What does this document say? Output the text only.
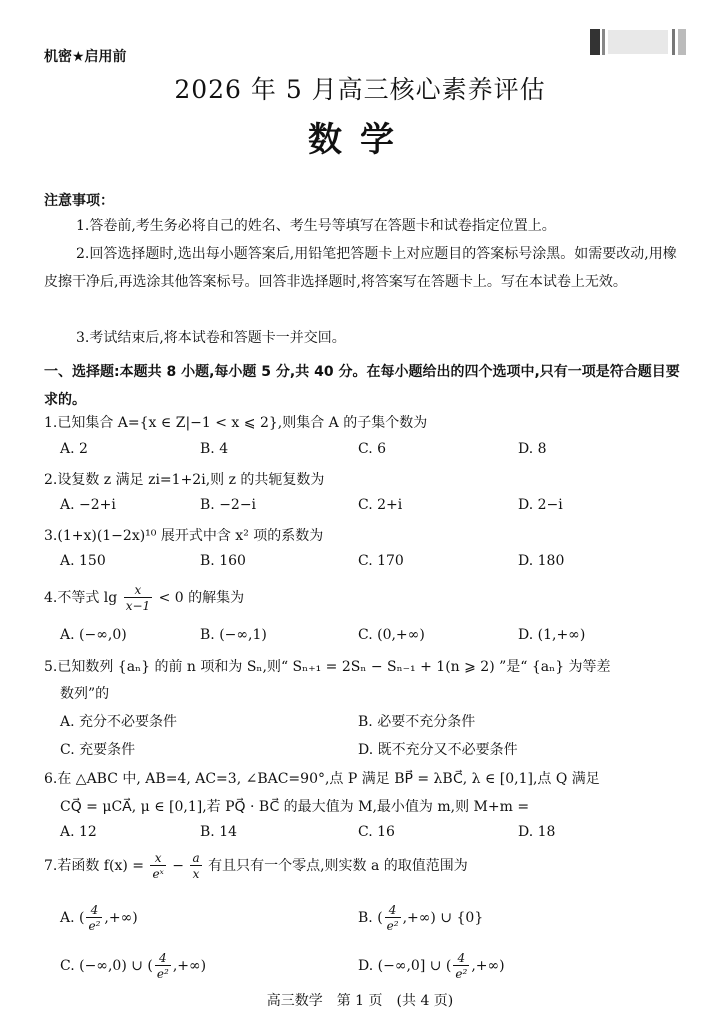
机密★启用前
2026 年 5 月高三核心素养评估
数学
注意事项：
1.答卷前,考生务必将自己的姓名、考生号等填写在答题卡和试卷指定位置上。
2.回答选择题时,选出每小题答案后,用铅笔把答题卡上对应题目的答案标号涂黑。如需要改动,用橡皮擦干净后,再选涂其他答案标号。回答非选择题时,将答案写在答题卡上。写在本试卷上无效。
3.考试结束后,将本试卷和答题卡一并交回。
一、选择题:本题共 8 小题,每小题 5 分,共 40 分。在每小题给出的四个选项中,只有一项是符合题目要求的。
1.已知集合 A={x ∈ Z|−1 < x ⩽ 2},则集合 A 的子集个数为
A. 2	B. 4	C. 6	D. 8
2.设复数 z 满足 zi=1+2i,则 z 的共轭复数为
A. −2+i	B. −2−i	C. 2+i	D. 2−i
3.(1+x)(1−2x)¹⁰ 展开式中含 x² 项的系数为
A. 150	B. 160	C. 170	D. 180
4.不等式 $\lg \frac{x}{x-1} < 0$ 的解集为
A. (−∞,0)	B. (−∞,1)	C. (0,+∞)	D. (1,+∞)
5.已知数列 {aₙ} 的前 n 项和为 Sₙ,则“ Sₙ₊₁ = 2Sₙ − Sₙ₋₁ + 1(n ⩾ 2) ”是“ {aₙ} 为等差
数列”的
A. 充分不必要条件	B. 必要不充分条件
C. 充要条件	D. 既不充分又不必要条件
6.在 △ABC 中, AB=4, AC=3, ∠BAC=90°,点 P 满足 BP⃗ = λBC⃗, λ ∈ [0,1],点 Q 满足
CQ⃗ = μCA⃗, μ ∈ [0,1],若 PQ⃗ · BC⃗ 的最大值为 M,最小值为 m,则 M+m =
A. 12	B. 14	C. 16	D. 18
7.若函数 $f(x) = \frac{x}{\text{eˣ}} - \frac{a}{x}$ 有且只有一个零点,则实数 a 的取值范围为
A. ( $\frac{4}{\text{e²}}$ ,+∞)	B. ( $\frac{4}{\text{e²}}$ ,+∞) ∪ {0}
C. (−∞,0) ∪ ( $\frac{4}{\text{e²}}$ ,+∞)	D. (−∞,0] ∪ ( $\frac{4}{\text{e²}}$ ,+∞)
高三数学　第 1 页　(共 4 页)
